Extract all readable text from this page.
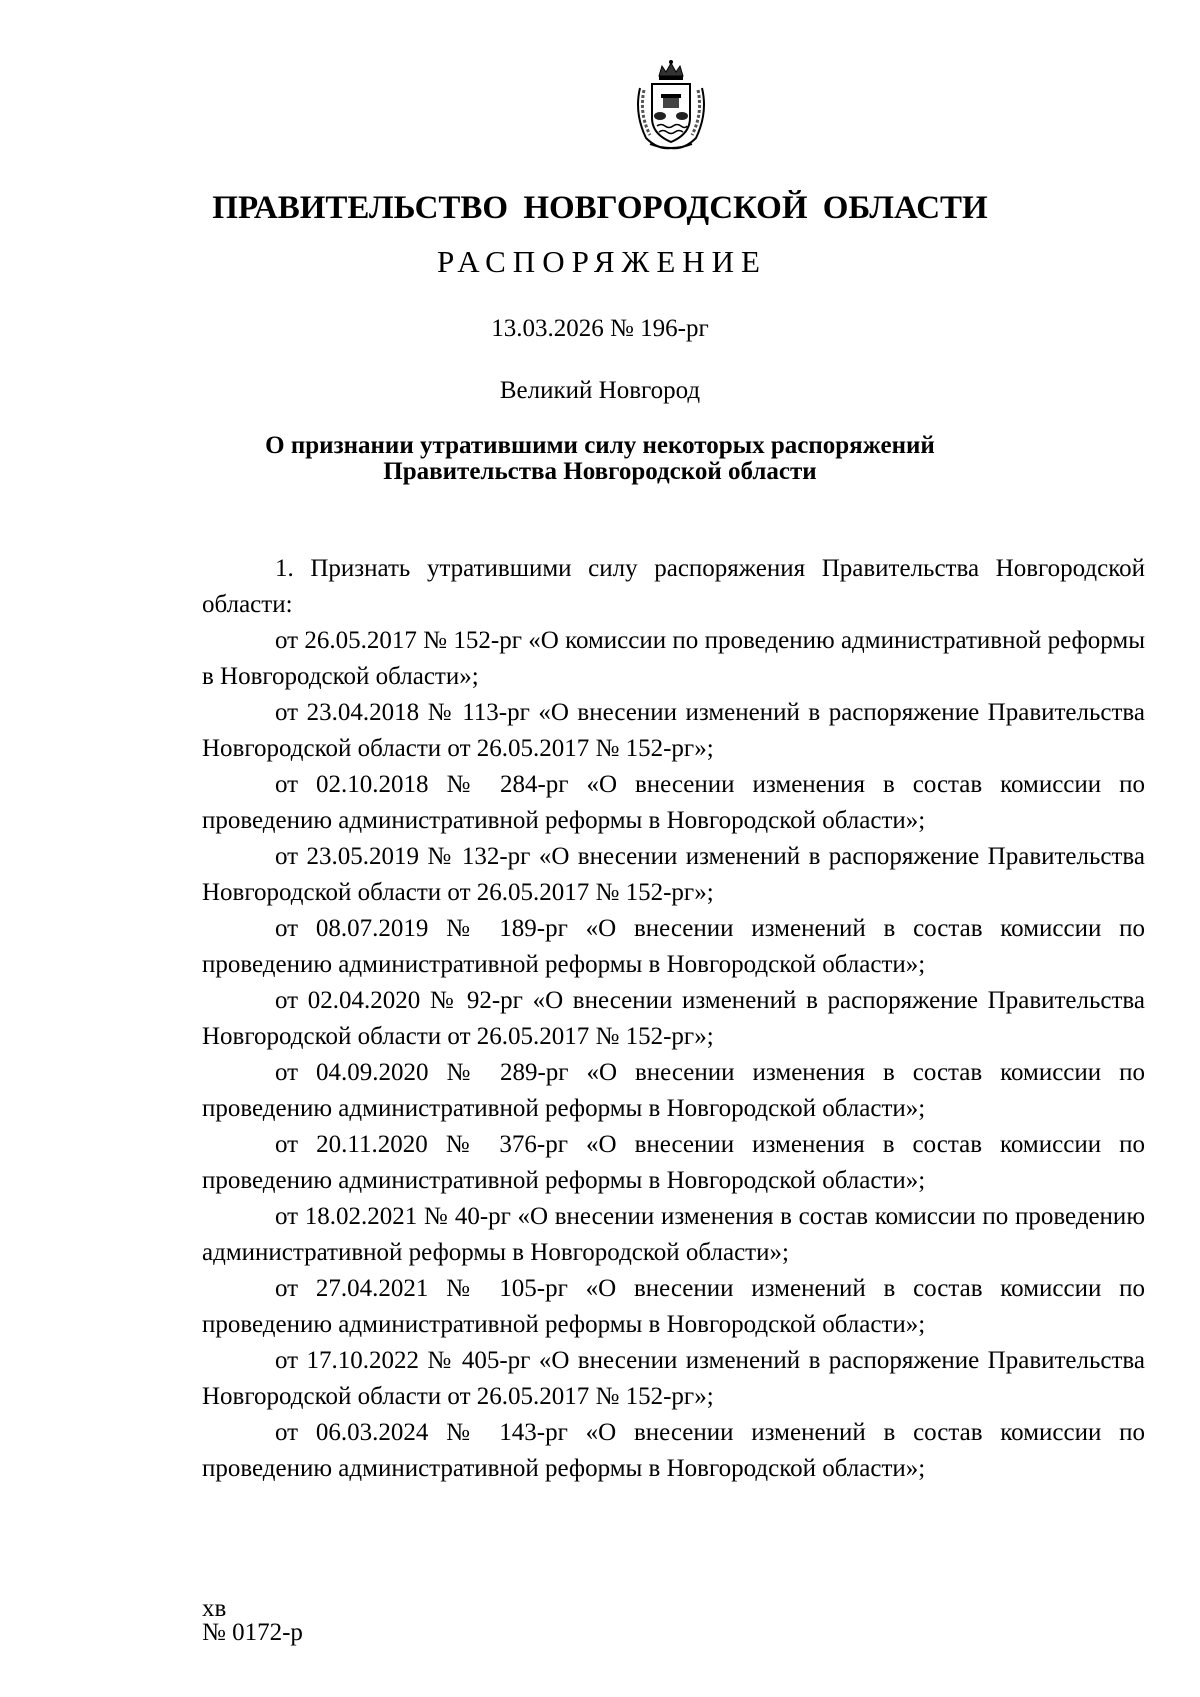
ПРАВИТЕЛЬСТВО НОВГОРОДСКОЙ ОБЛАСТИ
РАСПОРЯЖЕНИЕ
13.03.2026 № 196-рг
Великий Новгород
О признании утратившими силу некоторых распоряжений
Правительства Новгородской области

1. Признать утратившими силу распоряжения Правительства Новгородской области:

от 26.05.2017 № 152-рг «О комиссии по проведению административной реформы в Новгородской области»;

от 23.04.2018 № 113-рг «О внесении изменений в распоряжение Правительства Новгородской области от 26.05.2017 № 152-рг»;

от 02.10.2018 № 284-рг «О внесении изменения в состав комиссии по проведению административной реформы в Новгородской области»;

от 23.05.2019 № 132-рг «О внесении изменений в распоряжение Правительства Новгородской области от 26.05.2017 № 152-рг»;

от 08.07.2019 № 189-рг «О внесении изменений в состав комиссии по проведению административной реформы в Новгородской области»;

от 02.04.2020 № 92-рг «О внесении изменений в распоряжение Правительства Новгородской области от 26.05.2017 № 152-рг»;

от 04.09.2020 № 289-рг «О внесении изменения в состав комиссии по проведению административной реформы в Новгородской области»;

от 20.11.2020 № 376-рг «О внесении изменения в состав комиссии по проведению административной реформы в Новгородской области»;

от 18.02.2021 № 40-рг «О внесении изменения в состав комиссии по проведению административной реформы в Новгородской области»;

от 27.04.2021 № 105-рг «О внесении изменений в состав комиссии по проведению административной реформы в Новгородской области»;

от 17.10.2022 № 405-рг «О внесении изменений в распоряжение Правительства Новгородской области от 26.05.2017 № 152-рг»;

от 06.03.2024 № 143-рг «О внесении изменений в состав комиссии по проведению административной реформы в Новгородской области»;

хв
№ 0172-р
